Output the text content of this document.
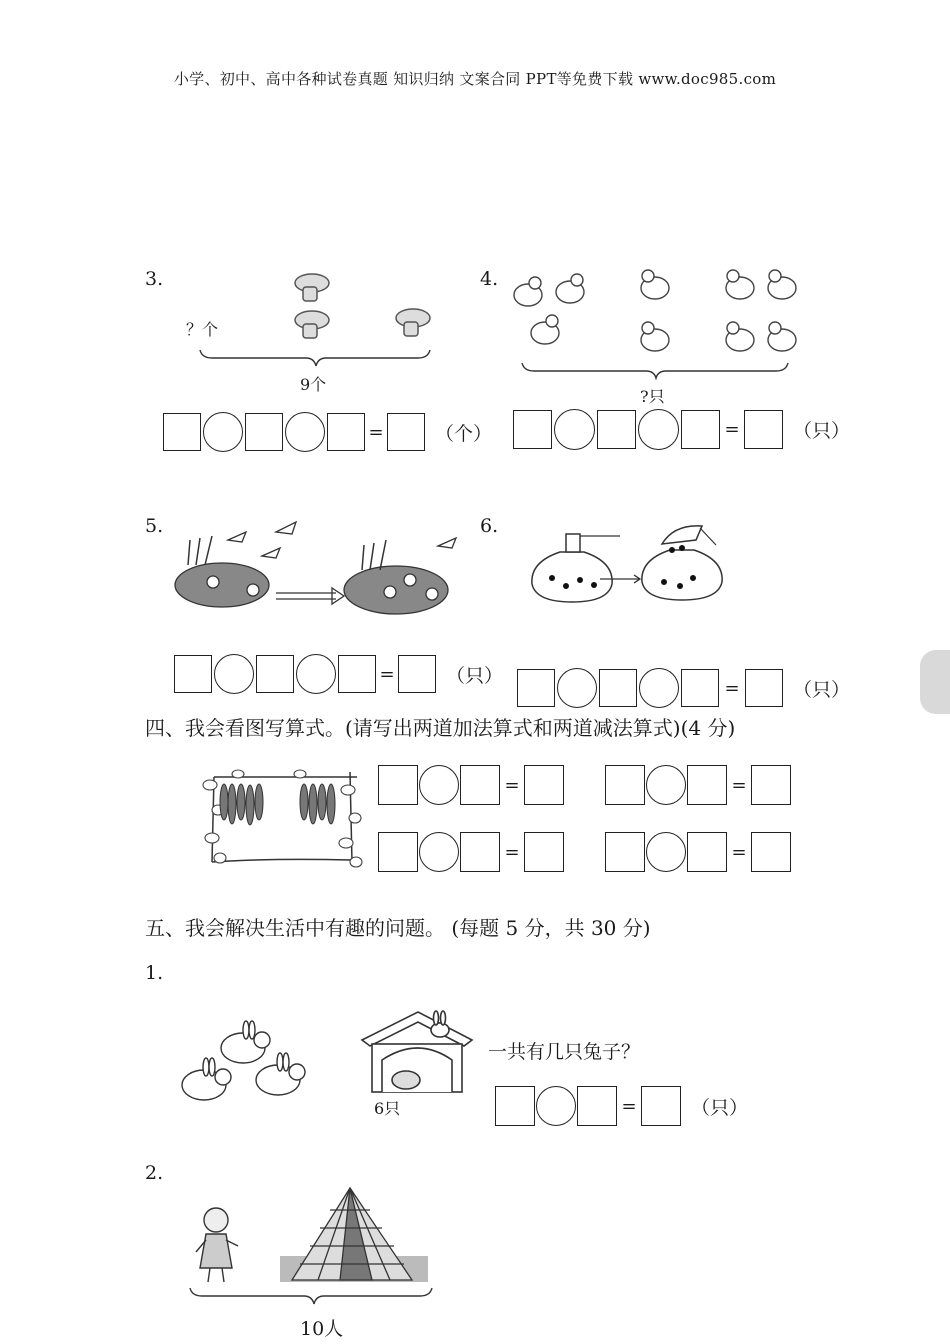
小学、初中、高中各种试卷真题 知识归纳 文案合同 PPT等免费下载 www.doc985.com
3.
？个
9个
=	（个）
4.
?只
=	（只）
5.
=	（只）
6.
=	（只）
四、我会看图写算式。(请写出两道加法算式和两道减法算式)(4 分)
=	=
=	=
五、我会解决生活中有趣的问题。 (每题 5 分，共 30 分)
1.
6只
一共有几只兔子？
=	（只）
2.
10人
